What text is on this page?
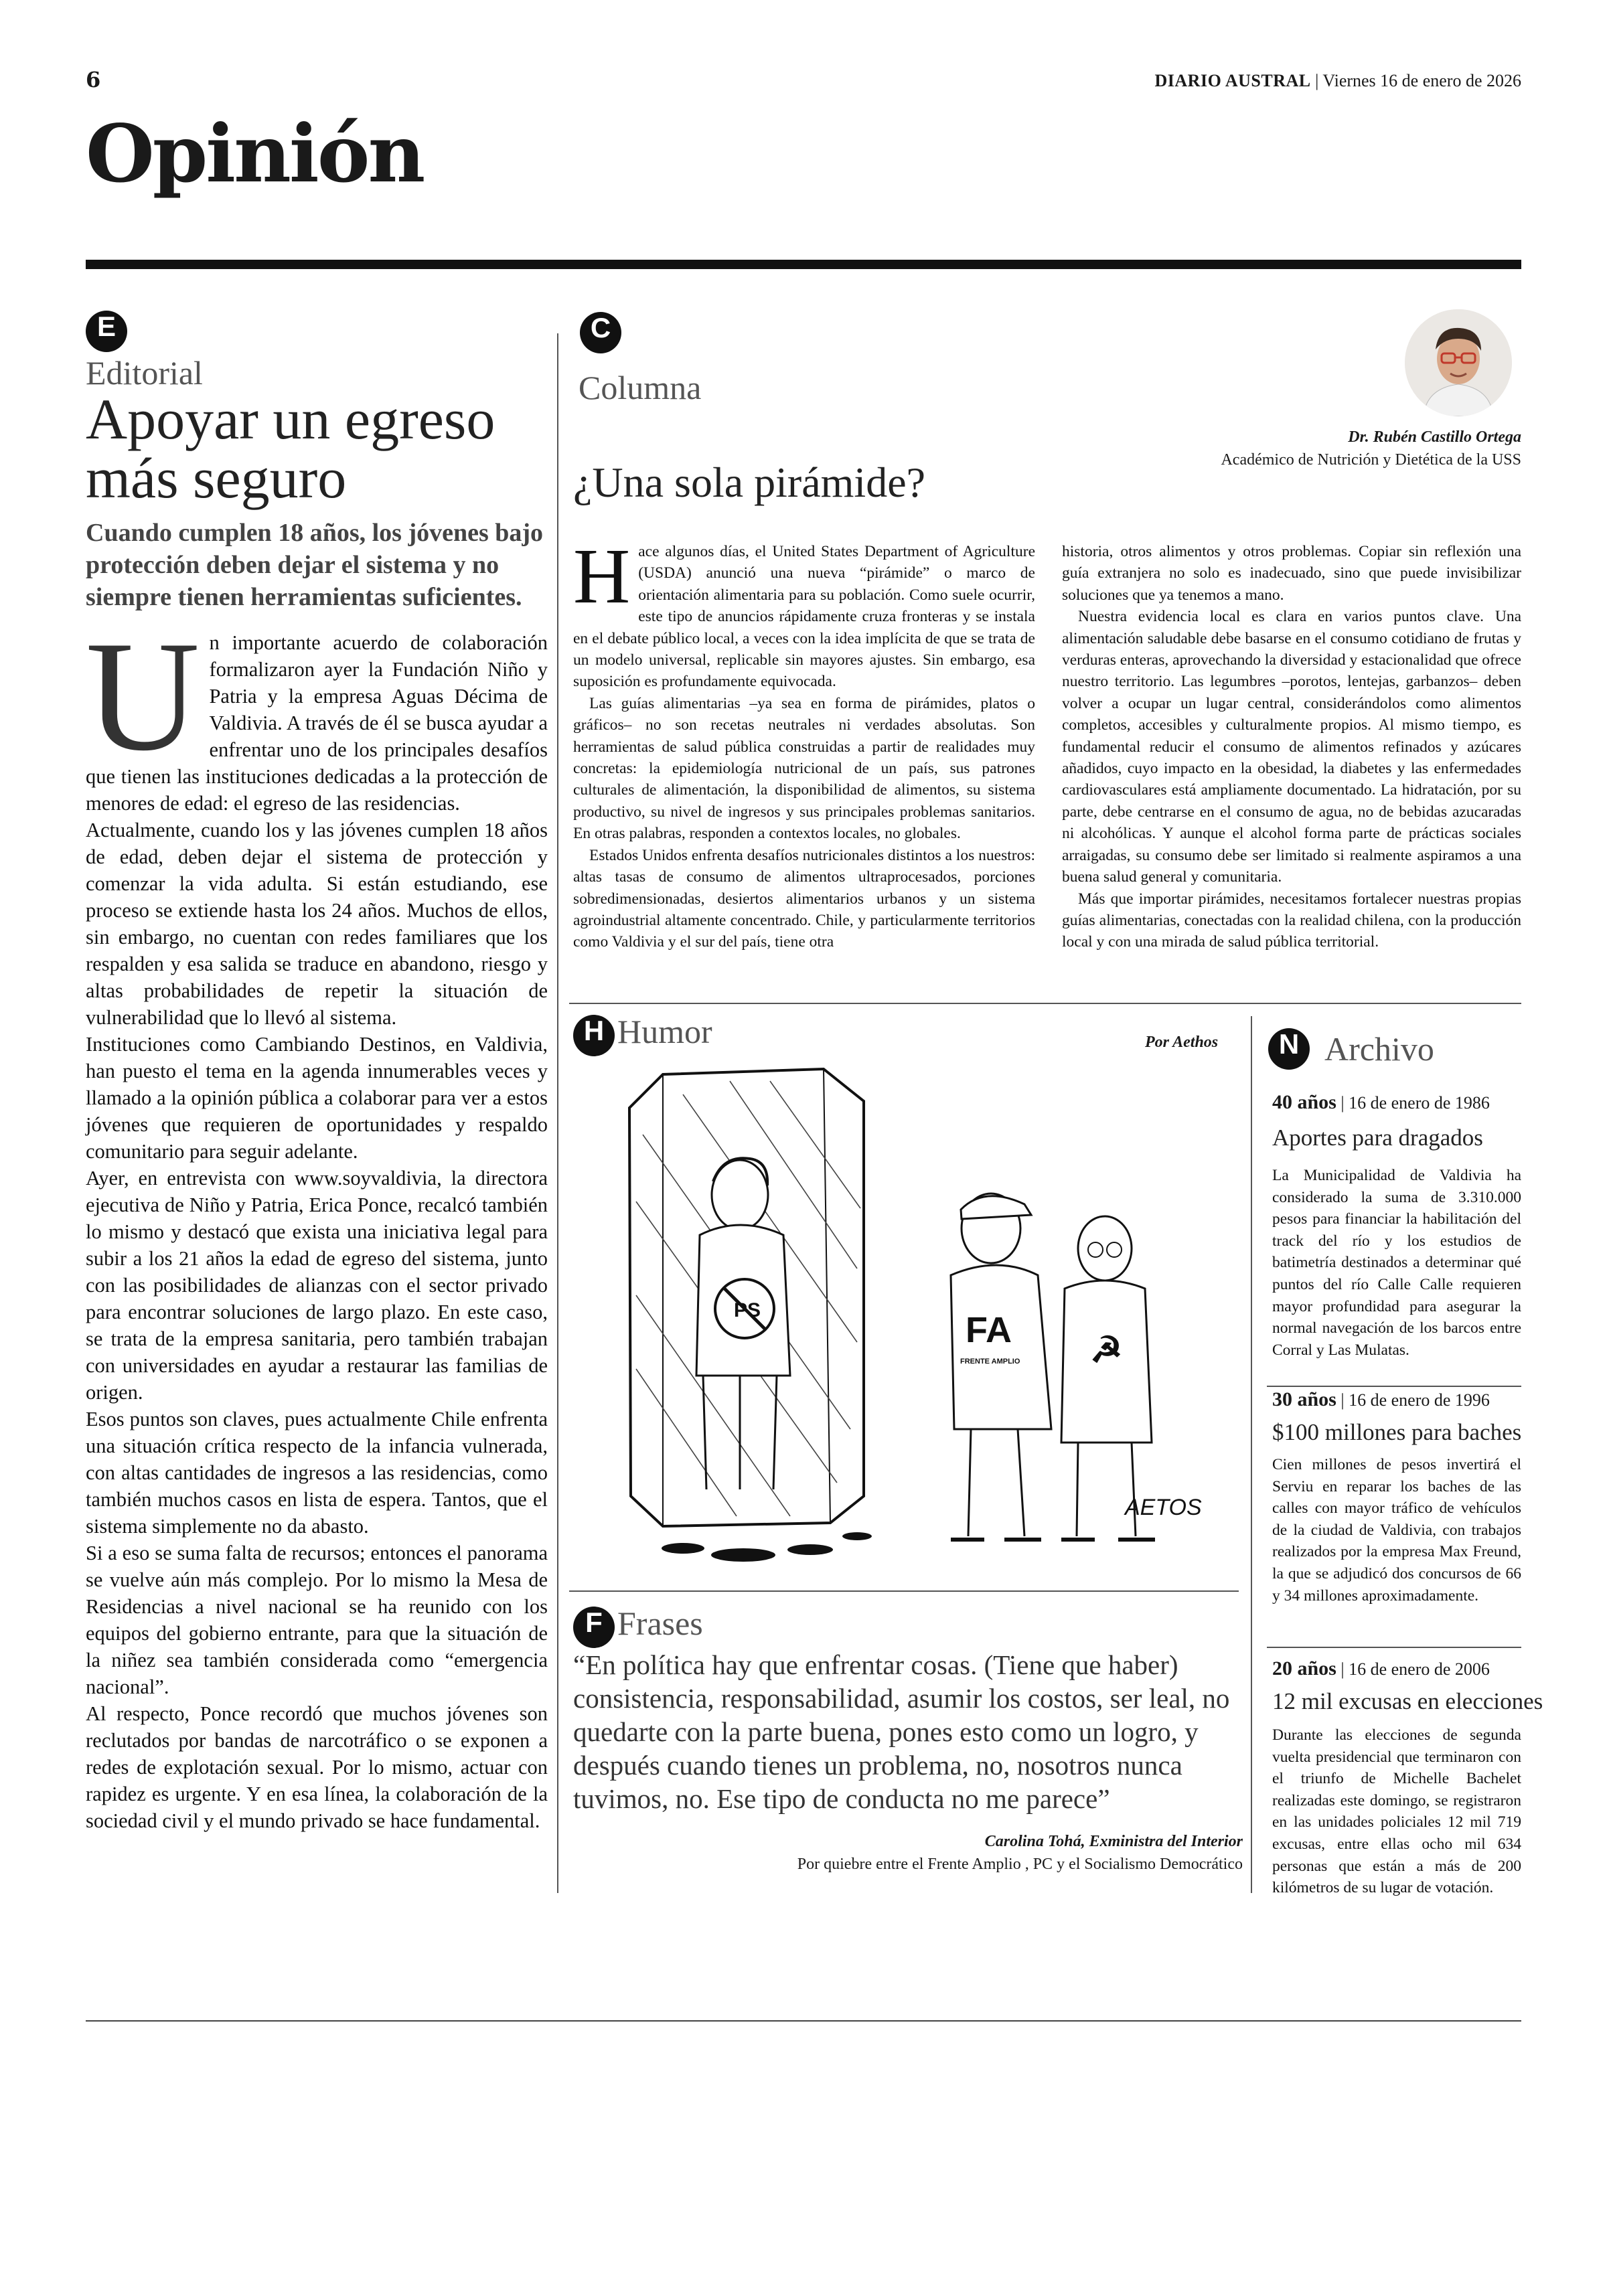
6	DIARIO AUSTRAL | Viernes 16 de enero de 2026
Opinión
E
Editorial
Apoyar un egreso
más seguro
Cuando cumplen 18 años, los jóvenes bajo protección deben dejar el sistema y no siempre tienen herramientas suficientes.
U n importante acuerdo de colaboración formalizaron ayer la Fundación Niño y Patria y la empresa Aguas Décima de Valdivia. A través de él se busca ayudar a enfrentar uno de los principales desafíos que tienen las instituciones dedicadas a la protección de menores de edad: el egreso de las residencias.

Actualmente, cuando los y las jóvenes cumplen 18 años de edad, deben dejar el sistema de protección y comenzar la vida adulta. Si están estudiando, ese proceso se extiende hasta los 24 años. Muchos de ellos, sin embargo, no cuentan con redes familiares que los respalden y esa salida se traduce en abandono, riesgo y altas probabilidades de repetir la situación de vulnerabilidad que lo llevó al sistema.

Instituciones como Cambiando Destinos, en Valdivia, han puesto el tema en la agenda innumerables veces y llamado a la opinión pública a colaborar para ver a estos jóvenes que requieren de oportunidades y respaldo comunitario para seguir adelante.

Ayer, en entrevista con www.soyvaldivia, la directora ejecutiva de Niño y Patria, Erica Ponce, recalcó también lo mismo y destacó que exista una iniciativa legal para subir a los 21 años la edad de egreso del sistema, junto con las posibilidades de alianzas con el sector privado para encontrar soluciones de largo plazo. En este caso, se trata de la empresa sanitaria, pero también trabajan con universidades en ayudar a restaurar las familias de origen.

Esos puntos son claves, pues actualmente Chile enfrenta una situación crítica respecto de la infancia vulnerada, con altas cantidades de ingresos a las residencias, como también muchos casos en lista de espera. Tantos, que el sistema simplemente no da abasto.

Si a eso se suma falta de recursos; entonces el panorama se vuelve aún más complejo. Por lo mismo la Mesa de Residencias a nivel nacional se ha reunido con los equipos del gobierno entrante, para que la situación de la niñez sea también considerada como “emergencia nacional”.

Al respecto, Ponce recordó que muchos jóvenes son reclutados por bandas de narcotráfico o se exponen a redes de explotación sexual. Por lo mismo, actuar con rapidez es urgente. Y en esa línea, la colaboración de la sociedad civil y el mundo privado se hace fundamental.

C
Columna
¿Una sola pirámide?
Dr. Rubén Castillo Ortega
Académico de Nutrición y Dietética de la USS
H ace algunos días, el United States Department of Agriculture (USDA) anunció una nueva “pirámide” o marco de orientación alimentaria para su población. Como suele ocurrir, este tipo de anuncios rápidamente cruza fronteras y se instala en el debate público local, a veces con la idea implícita de que se trata de un modelo universal, replicable sin mayores ajustes. Sin embargo, esa suposición es profundamente equivocada.

Las guías alimentarias –ya sea en forma de pirámides, platos o gráficos– no son recetas neutrales ni verdades absolutas. Son herramientas de salud pública construidas a partir de realidades muy concretas: la epidemiología nutricional de un país, sus patrones culturales de alimentación, la disponibilidad de alimentos, su sistema productivo, su nivel de ingresos y sus principales problemas sanitarios. En otras palabras, responden a contextos locales, no globales.

Estados Unidos enfrenta desafíos nutricionales distintos a los nuestros: altas tasas de consumo de alimentos ultraprocesados, porciones sobredimensionadas, desiertos alimentarios urbanos y un sistema agroindustrial altamente concentrado. Chile, y particularmente territorios como Valdivia y el sur del país, tiene otra

historia, otros alimentos y otros problemas. Copiar sin reflexión una guía extranjera no solo es inadecuado, sino que puede invisibilizar soluciones que ya tenemos a mano.

Nuestra evidencia local es clara en varios puntos clave. Una alimentación saludable debe basarse en el consumo cotidiano de frutas y verduras enteras, aprovechando la diversidad y estacionalidad que ofrece nuestro territorio. Las legumbres –porotos, lentejas, garbanzos– deben volver a ocupar un lugar central, considerándolos como alimentos completos, accesibles y culturalmente propios. Al mismo tiempo, es fundamental reducir el consumo de alimentos refinados y azúcares añadidos, cuyo impacto en la obesidad, la diabetes y las enfermedades cardiovasculares está ampliamente documentado. La hidratación, por su parte, debe centrarse en el consumo de agua, no de bebidas azucaradas ni alcohólicas. Y aunque el alcohol forma parte de prácticas sociales arraigadas, su consumo debe ser limitado si realmente aspiramos a una buena salud general y comunitaria.

Más que importar pirámides, necesitamos fortalecer nuestras propias guías alimentarias, conectadas con la realidad chilena, con la producción local y con una mirada de salud pública territorial.

H Humor	Por Aethos
PS	FA
FRENTE AMPLIO ☭
AETOS
F Frases
“En política hay que enfrentar cosas. (Tiene que haber) consistencia, responsabilidad, asumir los costos, ser leal, no quedarte con la parte buena, pones esto como un logro, y después cuando tienes un problema, no, nosotros nunca tuvimos, no. Ese tipo de conducta no me parece”
Carolina Tohá, Exministra del Interior
Por quiebre entre el Frente Amplio , PC y el Socialismo Democrático
N Archivo
40 años | 16 de enero de 1986
Aportes para dragados
La Municipalidad de Valdivia ha considerado la suma de 3.310.000 pesos para financiar la habilitación del track del río y los estudios de batimetría destinados a determinar qué puntos del río Calle Calle requieren mayor profundidad para asegurar la normal navegación de los barcos entre Corral y Las Mulatas.
30 años | 16 de enero de 1996
$100 millones para baches
Cien millones de pesos invertirá el Serviu en reparar los baches de las calles con mayor tráfico de vehículos de la ciudad de Valdivia, con trabajos realizados por la empresa Max Freund, la que se adjudicó dos concursos de 66 y 34 millones aproximadamente.
20 años | 16 de enero de 2006
12 mil excusas en elecciones
Durante las elecciones de segunda vuelta presidencial que terminaron con el triunfo de Michelle Bachelet realizadas este domingo, se registraron en las unidades policiales 12 mil 719 excusas, entre ellas ocho mil 634 personas que están a más de 200 kilómetros de su lugar de votación.
